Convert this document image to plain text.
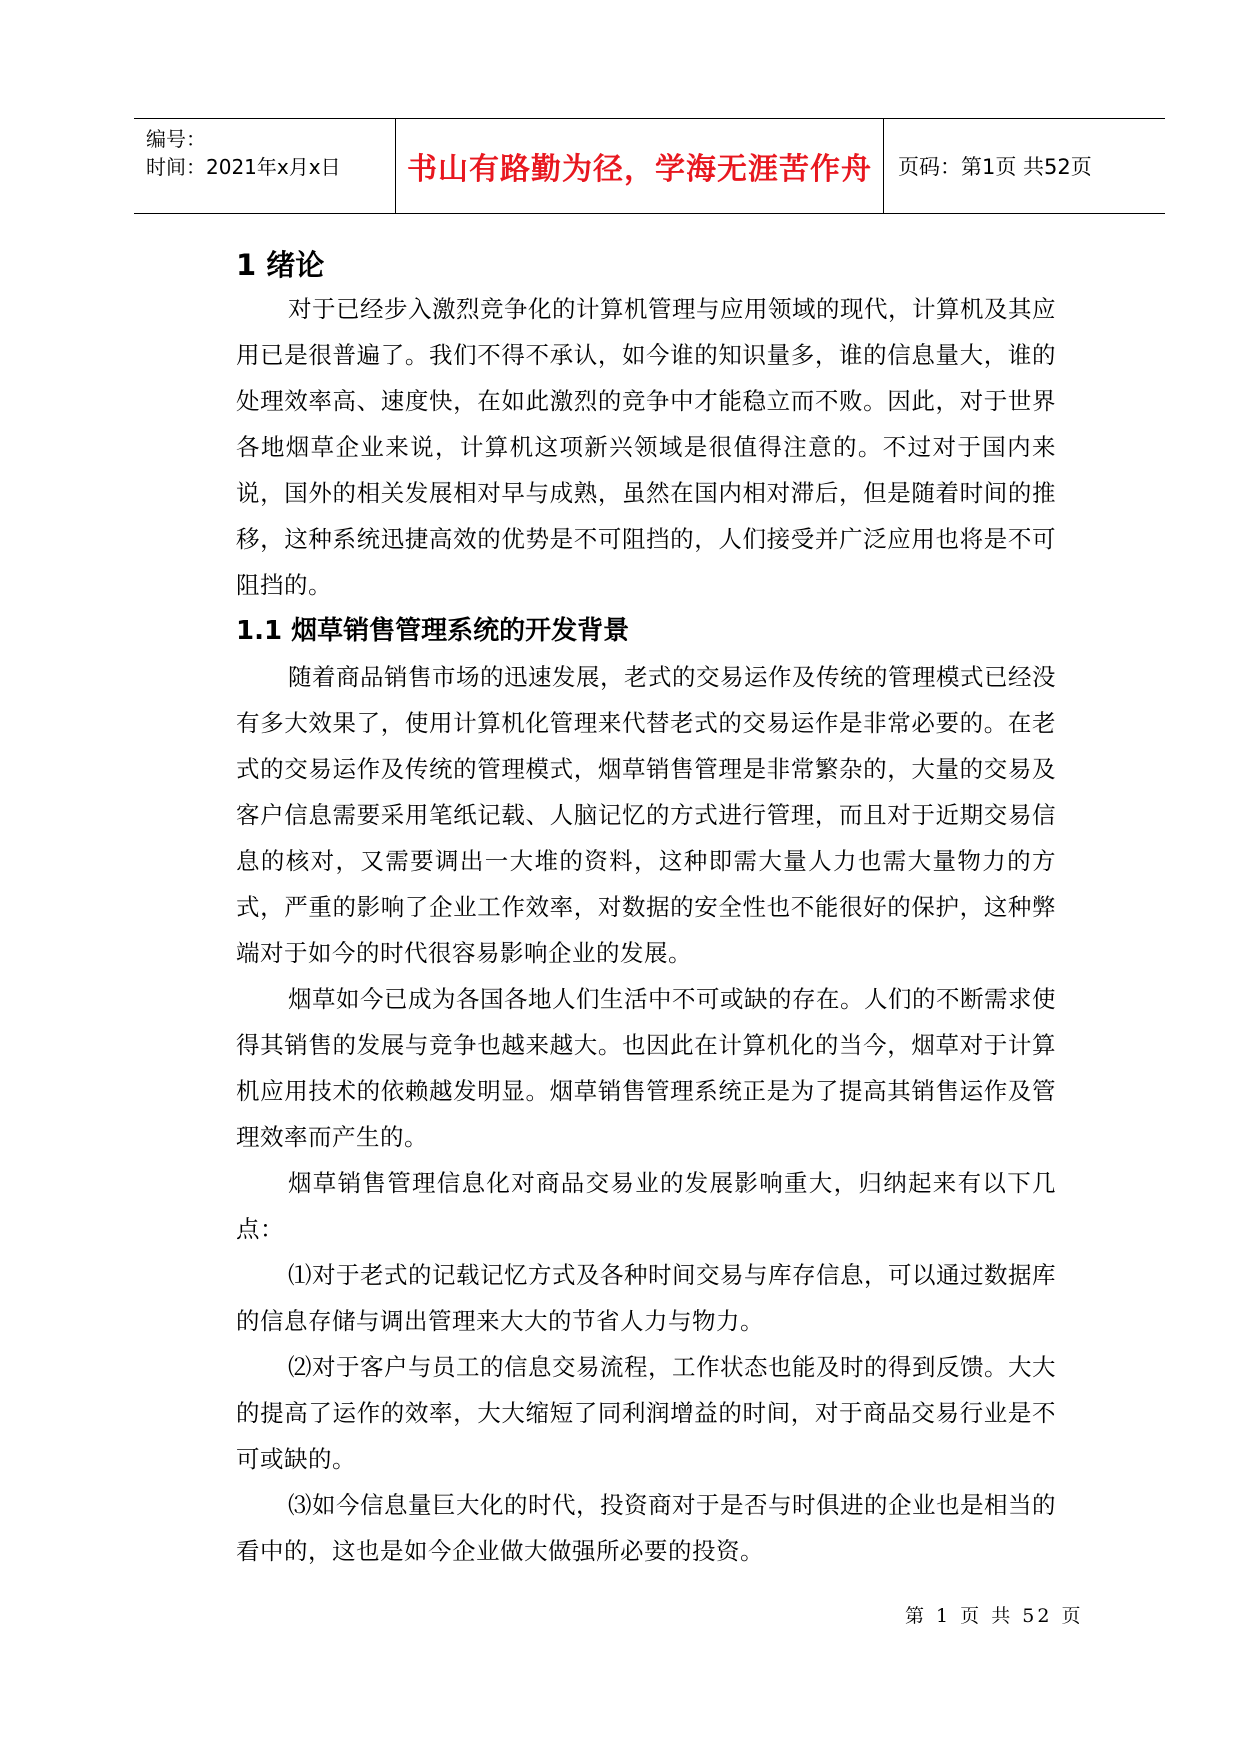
编号：
时间：2021年x月x日 书山有路勤为径，学海无涯苦作舟 页码：第1页 共52页
1 绪论

对于已经步入激烈竞争化的计算机管理与应用领域的现代，计算机及其应用已是很普遍了。我们不得不承认，如今谁的知识量多，谁的信息量大，谁的处理效率高、速度快，在如此激烈的竞争中才能稳立而不败。因此，对于世界各地烟草企业来说，计算机这项新兴领域是很值得注意的。不过对于国内来说，国外的相关发展相对早与成熟，虽然在国内相对滞后，但是随着时间的推移，这种系统迅捷高效的优势是不可阻挡的，人们接受并广泛应用也将是不可阻挡的。

1.1 烟草销售管理系统的开发背景

随着商品销售市场的迅速发展，老式的交易运作及传统的管理模式已经没有多大效果了，使用计算机化管理来代替老式的交易运作是非常必要的。在老式的交易运作及传统的管理模式，烟草销售管理是非常繁杂的，大量的交易及客户信息需要采用笔纸记载、人脑记忆的方式进行管理，而且对于近期交易信息的核对，又需要调出一大堆的资料，这种即需大量人力也需大量物力的方式，严重的影响了企业工作效率，对数据的安全性也不能很好的保护，这种弊端对于如今的时代很容易影响企业的发展。

烟草如今已成为各国各地人们生活中不可或缺的存在。人们的不断需求使得其销售的发展与竞争也越来越大。也因此在计算机化的当今，烟草对于计算机应用技术的依赖越发明显。烟草销售管理系统正是为了提高其销售运作及管理效率而产生的。

烟草销售管理信息化对商品交易业的发展影响重大，归纳起来有以下几点：

⑴对于老式的记载记忆方式及各种时间交易与库存信息，可以通过数据库的信息存储与调出管理来大大的节省人力与物力。

⑵对于客户与员工的信息交易流程，工作状态也能及时的得到反馈。大大的提高了运作的效率，大大缩短了同利润增益的时间，对于商品交易行业是不可或缺的。

⑶如今信息量巨大化的时代，投资商对于是否与时俱进的企业也是相当的看中的，这也是如今企业做大做强所必要的投资。

第 1 页 共 52 页
